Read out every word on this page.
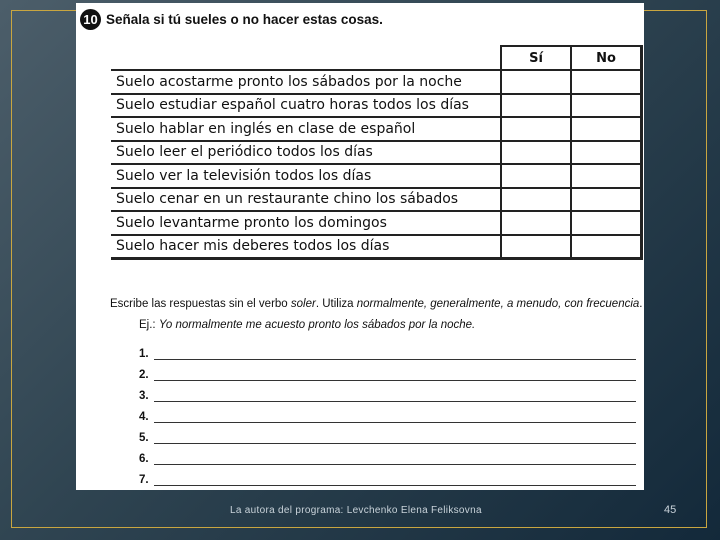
10 Señala si tú sueles o no hacer estas cosas.
	Sí	No
Suelo acostarme pronto los sábados por la noche		
Suelo estudiar español cuatro horas todos los días		
Suelo hablar en inglés en clase de español		
Suelo leer el periódico todos los días		
Suelo ver la televisión todos los días		
Suelo cenar en un restaurante chino los sábados		
Suelo levantarme pronto los domingos		
Suelo hacer mis deberes todos los días		
Escribe las respuestas sin el verbo soler. Utiliza normalmente, generalmente, a menudo, con frecuencia.
Ej.: Yo normalmente me acuesto pronto los sábados por la noche.
1.
2.
3.
4.
5.
6.
7.
La autora del programa: Levchenko Elena Feliksovna	45
